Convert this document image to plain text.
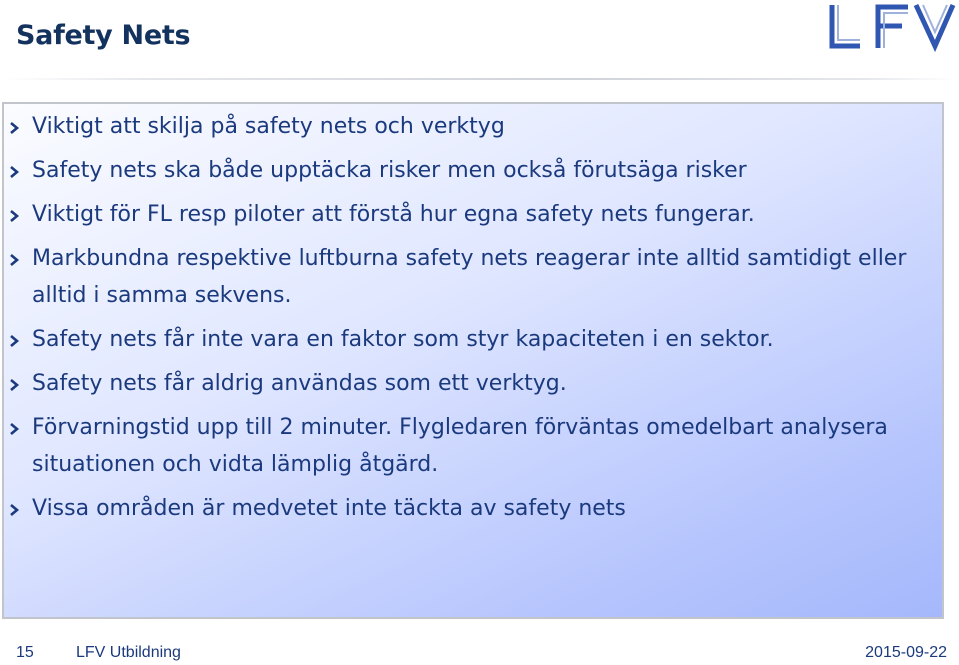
Safety Nets
Viktigt att skilja på safety nets och verktyg
Safety nets ska både upptäcka risker men också förutsäga risker
Viktigt för FL resp piloter att förstå hur egna safety nets fungerar.
Markbundna respektive luftburna safety nets reagerar inte alltid samtidigt eller alltid i samma sekvens.
Safety nets får inte vara en faktor som styr kapaciteten i en sektor.
Safety nets får aldrig användas som ett verktyg.
Förvarningstid upp till 2 minuter. Flygledaren förväntas omedelbart analysera situationen och vidta lämplig åtgärd.
Vissa områden är medvetet inte täckta av safety nets
15	LFV Utbildning	2015-09-22
